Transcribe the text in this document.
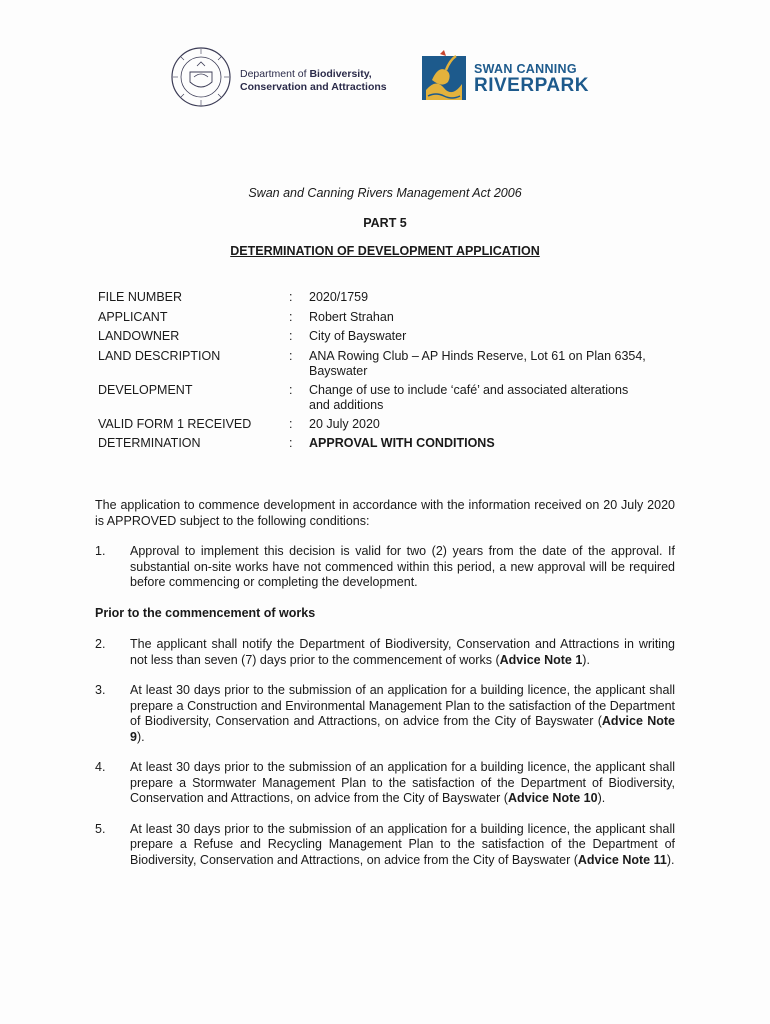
Department of Biodiversity,
Conservation and Attractions
SWAN CANNING
RIVERPARK
Swan and Canning Rivers Management Act 2006
PART 5
DETERMINATION OF DEVELOPMENT APPLICATION
FILE NUMBER	: 2020/1759
APPLICANT	: Robert Strahan
LANDOWNER	: City of Bayswater
LAND DESCRIPTION	: ANA Rowing Club – AP Hinds Reserve, Lot 61 on Plan 6354,
Bayswater
DEVELOPMENT	: Change of use to include ‘café’ and associated alterations
and additions
VALID FORM 1 RECEIVED	: 20 July 2020
DETERMINATION	: APPROVAL WITH CONDITIONS

The application to commence development in accordance with the information received on 20 July 2020 is APPROVED subject to the following conditions:

1. Approval to implement this decision is valid for two (2) years from the date of the approval. If substantial on-site works have not commenced within this period, a new approval will be required before commencing or completing the development.
Prior to the commencement of works
2. The applicant shall notify the Department of Biodiversity, Conservation and Attractions in writing not less than seven (7) days prior to the commencement of works (Advice Note 1).
3. At least 30 days prior to the submission of an application for a building licence, the applicant shall prepare a Construction and Environmental Management Plan to the satisfaction of the Department of Biodiversity, Conservation and Attractions, on advice from the City of Bayswater (Advice Note 9).
4. At least 30 days prior to the submission of an application for a building licence, the applicant shall prepare a Stormwater Management Plan to the satisfaction of the Department of Biodiversity, Conservation and Attractions, on advice from the City of Bayswater (Advice Note 10).
5. At least 30 days prior to the submission of an application for a building licence, the applicant shall prepare a Refuse and Recycling Management Plan to the satisfaction of the Department of Biodiversity, Conservation and Attractions, on advice from the City of Bayswater (Advice Note 11).
